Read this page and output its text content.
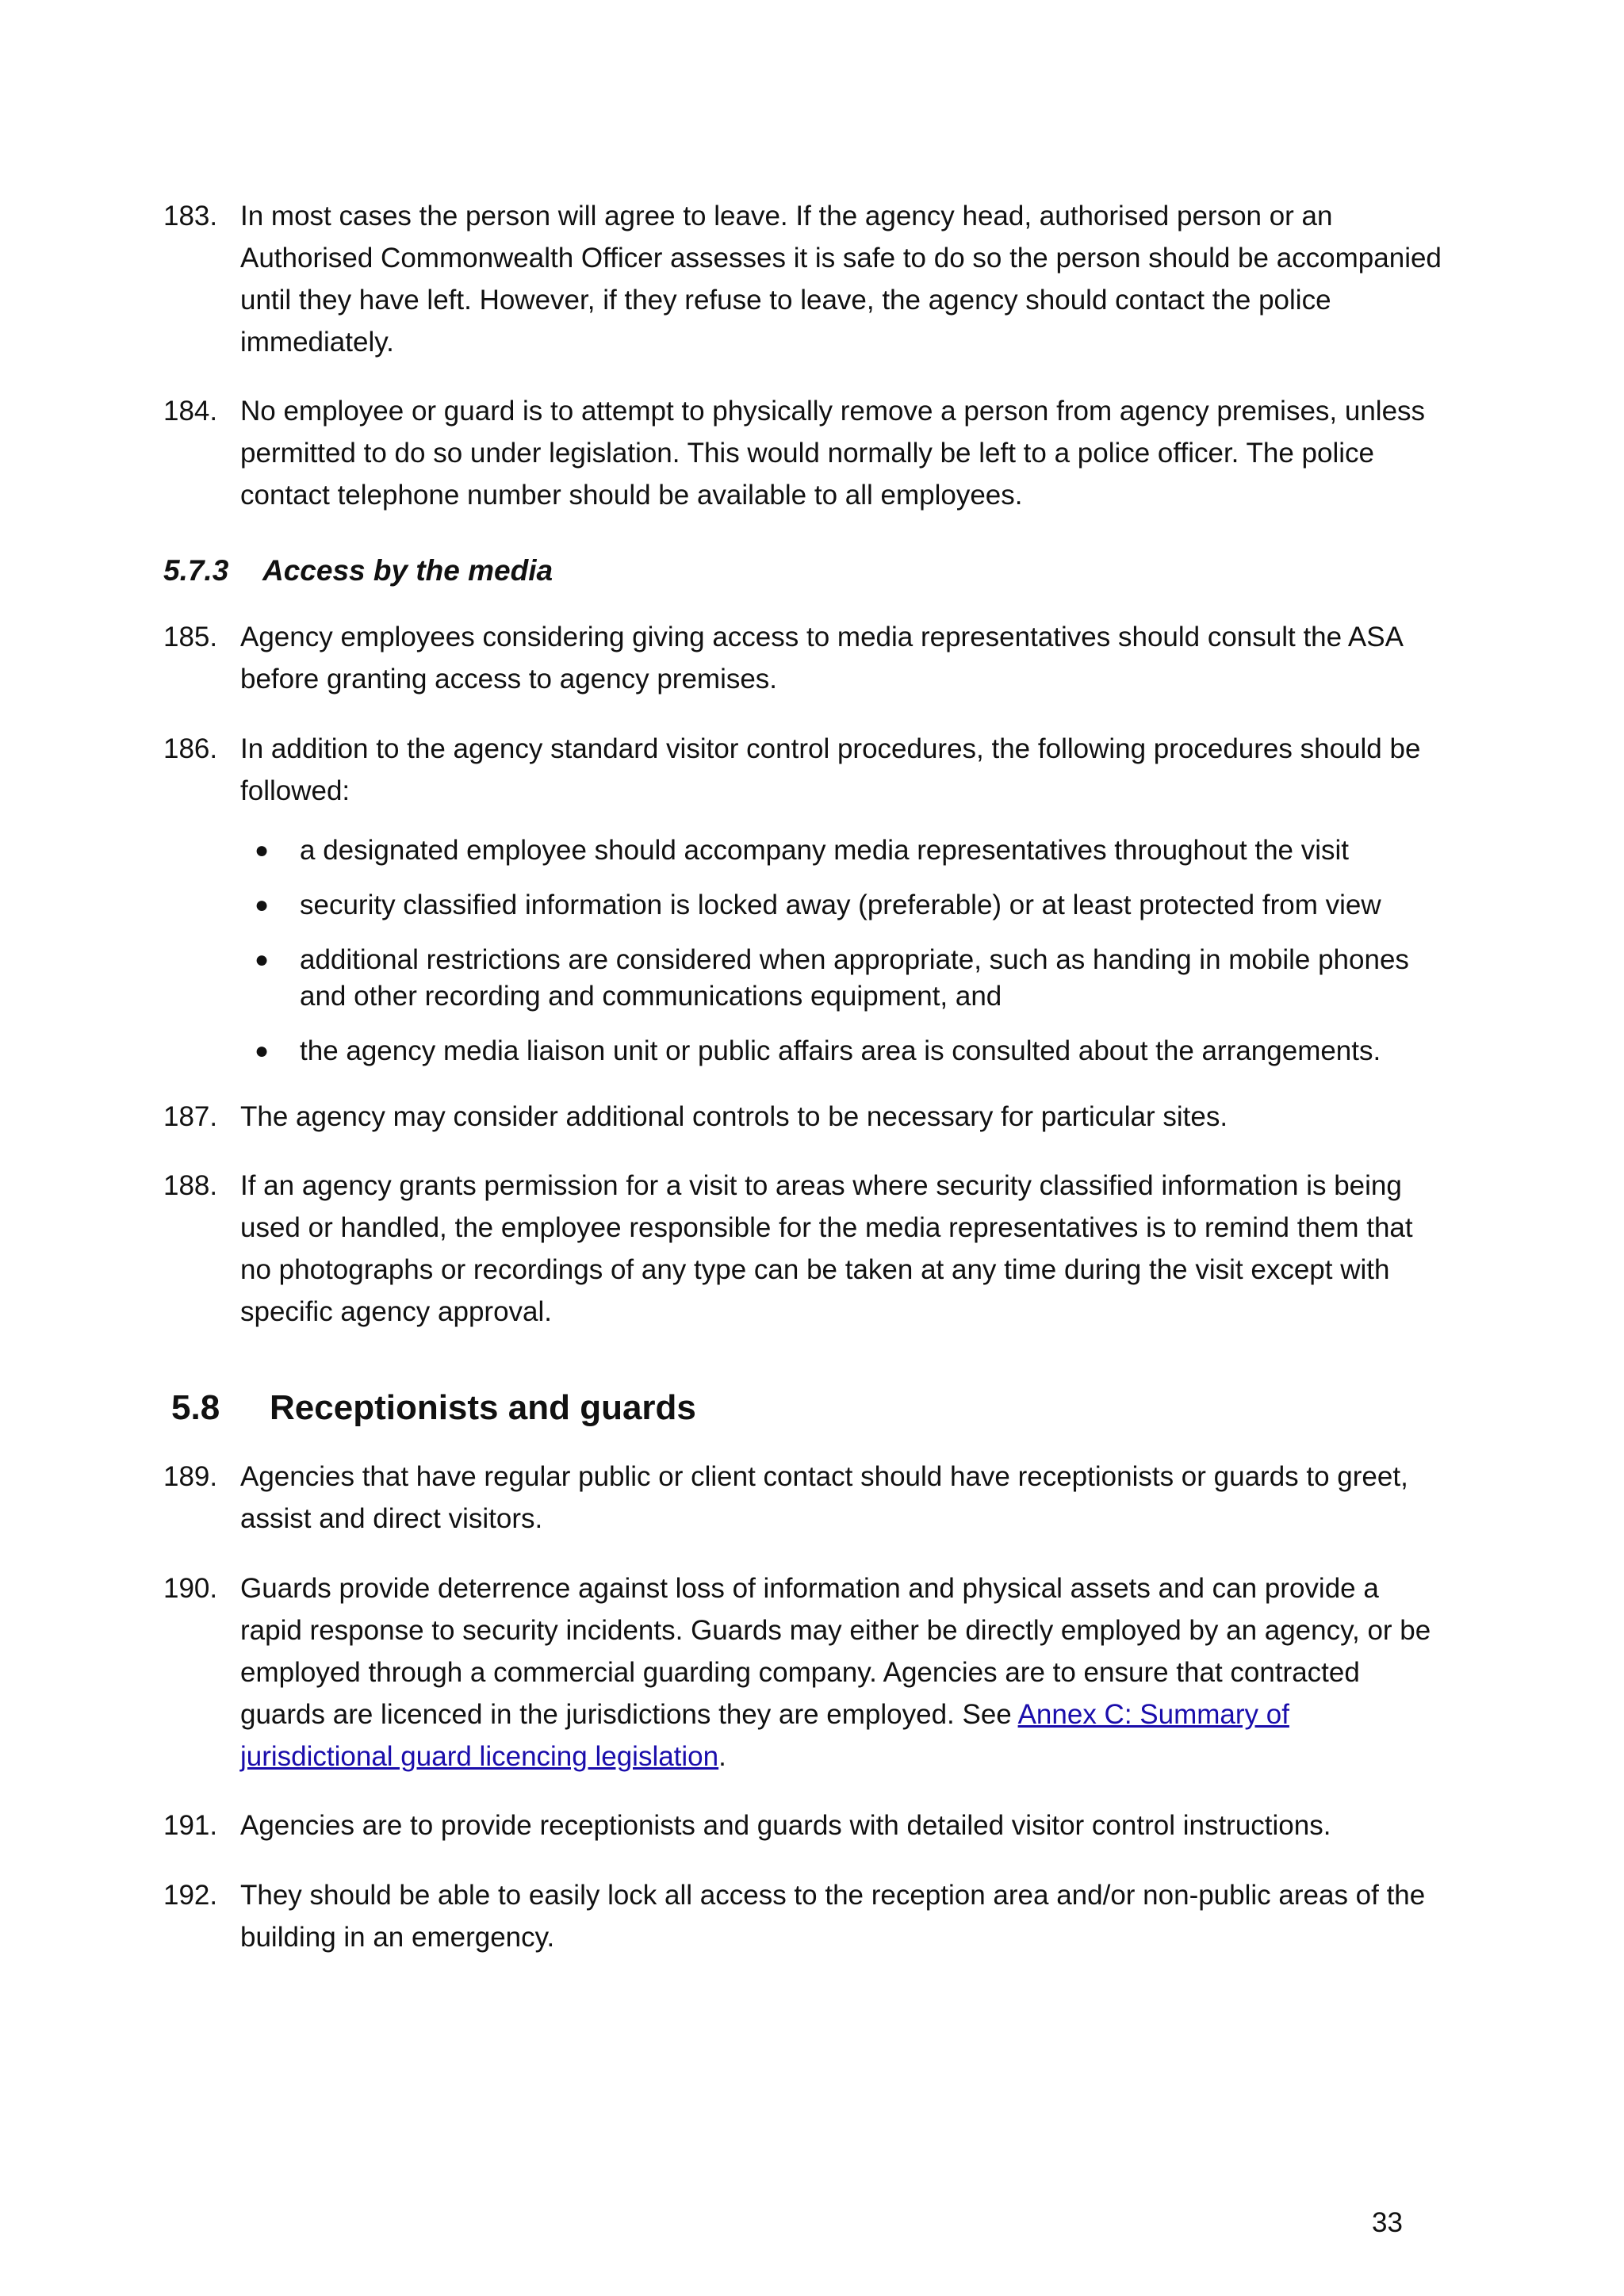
183. In most cases the person will agree to leave. If the agency head, authorised person or an Authorised Commonwealth Officer assesses it is safe to do so the person should be accompanied until they have left. However, if they refuse to leave, the agency should contact the police immediately.
184. No employee or guard is to attempt to physically remove a person from agency premises, unless permitted to do so under legislation. This would normally be left to a police officer. The police contact telephone number should be available to all employees.
5.7.3 Access by the media
185. Agency employees considering giving access to media representatives should consult the ASA before granting access to agency premises.
186. In addition to the agency standard visitor control procedures, the following procedures should be followed:
● a designated employee should accompany media representatives throughout the visit
● security classified information is locked away (preferable) or at least protected from view
● additional restrictions are considered when appropriate, such as handing in mobile phones and other recording and communications equipment, and
● the agency media liaison unit or public affairs area is consulted about the arrangements.
187. The agency may consider additional controls to be necessary for particular sites.
188. If an agency grants permission for a visit to areas where security classified information is being used or handled, the employee responsible for the media representatives is to remind them that no photographs or recordings of any type can be taken at any time during the visit except with specific agency approval.
5.8 Receptionists and guards
189. Agencies that have regular public or client contact should have receptionists or guards to greet, assist and direct visitors.
190. Guards provide deterrence against loss of information and physical assets and can provide a rapid response to security incidents. Guards may either be directly employed by an agency, or be employed through a commercial guarding company. Agencies are to ensure that contracted guards are licenced in the jurisdictions they are employed. See Annex C: Summary of jurisdictional guard licencing legislation.
191. Agencies are to provide receptionists and guards with detailed visitor control instructions.
192. They should be able to easily lock all access to the reception area and/or non-public areas of the building in an emergency.
33
